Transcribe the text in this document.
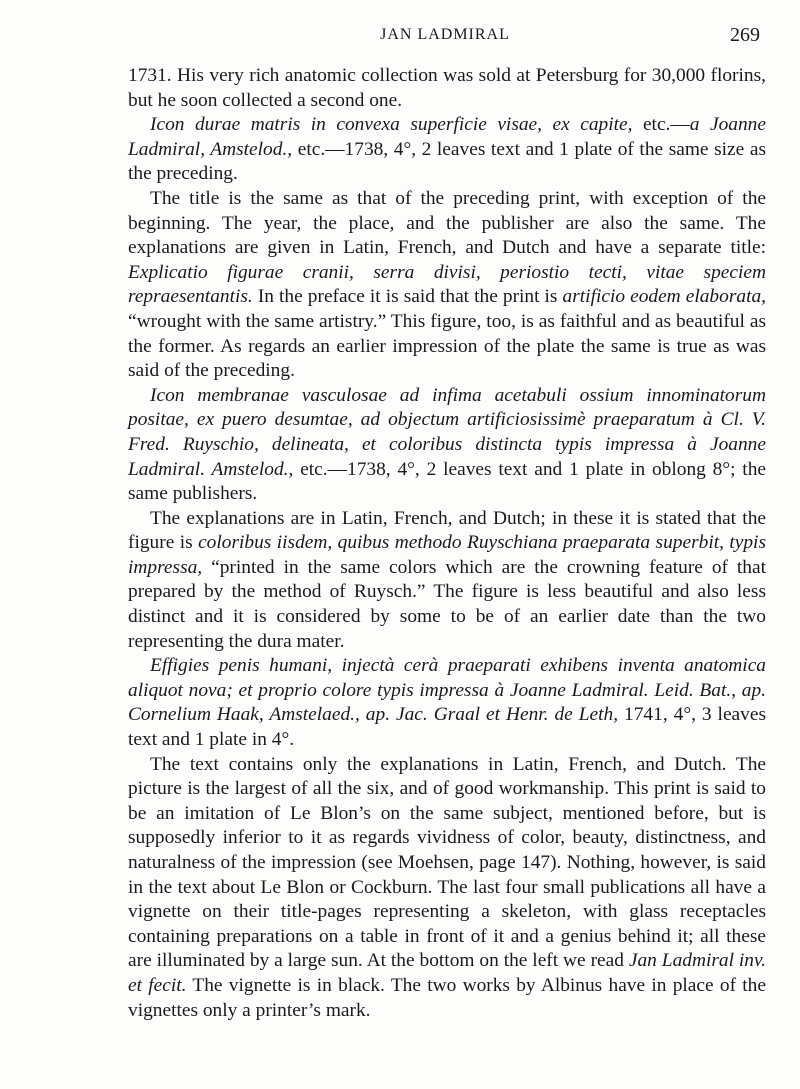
JAN LADMIRAL	269

1731. His very rich anatomic collection was sold at Petersburg for 30,000 florins, but he soon collected a second one.

Icon durae matris in convexa superficie visae, ex capite, etc.—a Joanne Ladmiral, Amstelod., etc.—1738, 4°, 2 leaves text and 1 plate of the same size as the preceding.

The title is the same as that of the preceding print, with exception of the beginning. The year, the place, and the publisher are also the same. The explanations are given in Latin, French, and Dutch and have a separate title: Explicatio figurae cranii, serra divisi, periostio tecti, vitae speciem repraesentantis. In the preface it is said that the print is artificio eodem elaborata, “wrought with the same artistry.” This figure, too, is as faithful and as beautiful as the former. As regards an earlier impression of the plate the same is true as was said of the preceding.

Icon membranae vasculosae ad infima acetabuli ossium innominatorum positae, ex puero desumtae, ad objectum artificiosissimè praeparatum à Cl. V. Fred. Ruyschio, delineata, et coloribus distincta typis impressa à Joanne Ladmiral. Amstelod., etc.—1738, 4°, 2 leaves text and 1 plate in oblong 8°; the same publishers.

The explanations are in Latin, French, and Dutch; in these it is stated that the figure is coloribus iisdem, quibus methodo Ruyschiana praeparata superbit, typis impressa, “printed in the same colors which are the crowning feature of that prepared by the method of Ruysch.” The figure is less beautiful and also less distinct and it is considered by some to be of an earlier date than the two representing the dura mater.

Effigies penis humani, injectà cerà praeparati exhibens inventa anatomica aliquot nova; et proprio colore typis impressa à Joanne Ladmiral. Leid. Bat., ap. Cornelium Haak, Amstelaed., ap. Jac. Graal et Henr. de Leth, 1741, 4°, 3 leaves text and 1 plate in 4°.

The text contains only the explanations in Latin, French, and Dutch. The picture is the largest of all the six, and of good workmanship. This print is said to be an imitation of Le Blon’s on the same subject, mentioned before, but is supposedly inferior to it as regards vividness of color, beauty, distinctness, and naturalness of the impression (see Moehsen, page 147). Nothing, however, is said in the text about Le Blon or Cockburn. The last four small publications all have a vignette on their title-pages representing a skeleton, with glass receptacles containing preparations on a table in front of it and a genius behind it; all these are illuminated by a large sun. At the bottom on the left we read Jan Ladmiral inv. et fecit. The vignette is in black. The two works by Albinus have in place of the vignettes only a printer’s mark.
